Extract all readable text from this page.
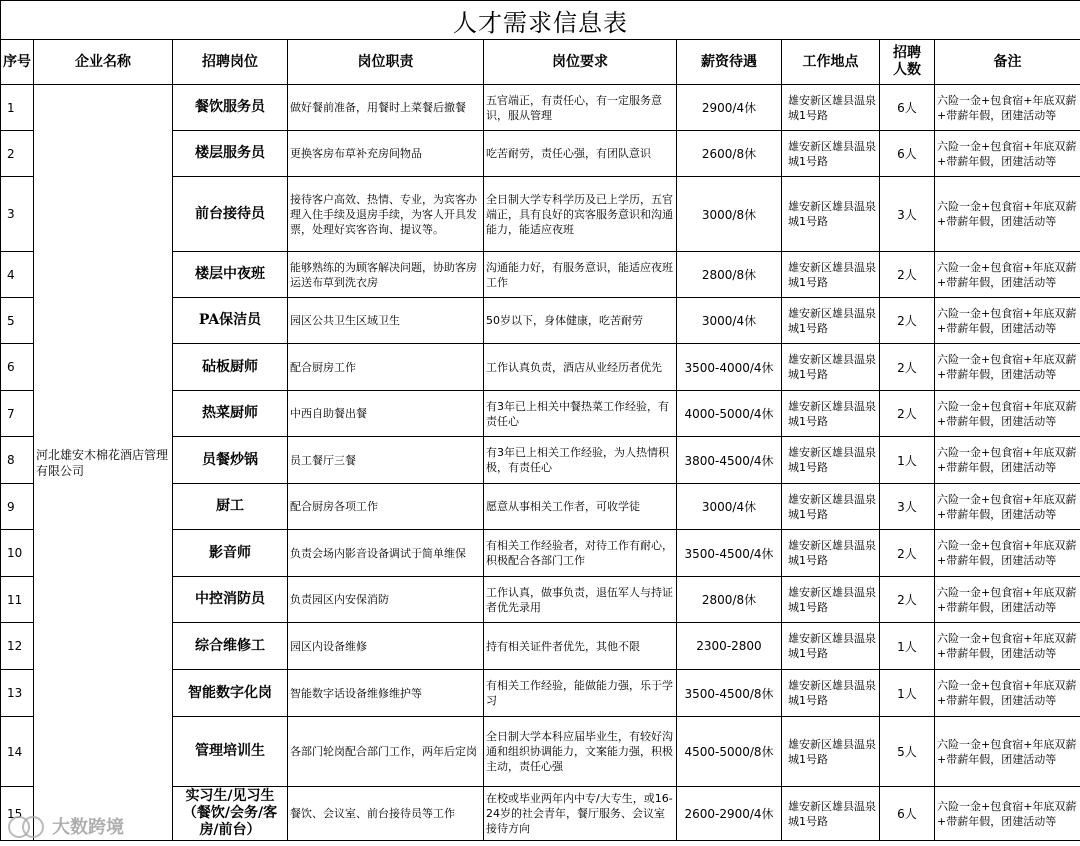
人才需求信息表								
序号	企业名称	招聘岗位	岗位职责	岗位要求	薪资待遇	工作地点	招聘人数	备注
1	河北雄安木棉花酒店管理有限公司	餐饮服务员	做好餐前准备，用餐时上菜餐后撤餐	五官端正，有责任心，有一定服务意识，服从管理	2900/4休	雄安新区雄县温泉城1号路	6人	六险一金+包食宿+年底双薪+带薪年假，团建活动等
2		楼层服务员	更换客房布草补充房间物品	吃苦耐劳，责任心强，有团队意识	2600/8休	雄安新区雄县温泉城1号路	6人	六险一金+包食宿+年底双薪+带薪年假，团建活动等
3		前台接待员	接待客户高效、热情、专业，为宾客办理入住手续及退房手续，为客人开具发票，处理好宾客咨询、提议等。	全日制大学专科学历及已上学历，五官端正，具有良好的宾客服务意识和沟通能力，能适应夜班	3000/8休	雄安新区雄县温泉城1号路	3人	六险一金+包食宿+年底双薪+带薪年假，团建活动等
4		楼层中夜班	能够熟练的为顾客解决问题，协助客房运送布草到洗衣房	沟通能力好，有服务意识，能适应夜班工作	2800/8休	雄安新区雄县温泉城1号路	2人	六险一金+包食宿+年底双薪+带薪年假，团建活动等
5		PA保洁员	园区公共卫生区域卫生	50岁以下，身体健康，吃苦耐劳	3000/4休	雄安新区雄县温泉城1号路	2人	六险一金+包食宿+年底双薪+带薪年假，团建活动等
6		砧板厨师	配合厨房工作	工作认真负责，酒店从业经历者优先	3500-4000/4休	雄安新区雄县温泉城1号路	2人	六险一金+包食宿+年底双薪+带薪年假，团建活动等
7		热菜厨师	中西自助餐出餐	有3年已上相关中餐热菜工作经验，有责任心	4000-5000/4休	雄安新区雄县温泉城1号路	2人	六险一金+包食宿+年底双薪+带薪年假，团建活动等
8		员餐炒锅	员工餐厅三餐	有3年已上相关工作经验，为人热情积极，有责任心	3800-4500/4休	雄安新区雄县温泉城1号路	1人	六险一金+包食宿+年底双薪+带薪年假，团建活动等
9		厨工	配合厨房各项工作	愿意从事相关工作者，可收学徒	3000/4休	雄安新区雄县温泉城1号路	3人	六险一金+包食宿+年底双薪+带薪年假，团建活动等
10		影音师	负责会场内影音设备调试于简单维保	有相关工作经验者，对待工作有耐心，积极配合各部门工作	3500-4500/4休	雄安新区雄县温泉城1号路	2人	六险一金+包食宿+年底双薪+带薪年假，团建活动等
11		中控消防员	负责园区内安保消防	工作认真，做事负责，退伍军人与持证者优先录用	2800/8休	雄安新区雄县温泉城1号路	2人	六险一金+包食宿+年底双薪+带薪年假，团建活动等
12		综合维修工	园区内设备维修	持有相关证件者优先，其他不限	2300-2800	雄安新区雄县温泉城1号路	1人	六险一金+包食宿+年底双薪+带薪年假，团建活动等
13		智能数字化岗	智能数字话设备维修维护等	有相关工作经验，能做能力强，乐于学习	3500-4500/8休	雄安新区雄县温泉城1号路	1人	六险一金+包食宿+年底双薪+带薪年假，团建活动等
14		管理培训生	各部门轮岗配合部门工作，两年后定岗	全日制大学本科应届毕业生，有较好沟通和组织协调能力，文案能力强，积极主动，责任心强	4500-5000/8休	雄安新区雄县温泉城1号路	5人	六险一金+包食宿+年底双薪+带薪年假，团建活动等
15		实习生/见习生（餐饮/会务/客房/前台）	餐饮、会议室、前台接待员等工作	在校或毕业两年内中专/大专生，或16-24岁的社会青年，餐厅服务、会议室接待方向	2600-2900/4休	雄安新区雄县温泉城1号路	6人	六险一金+包食宿+年底双薪+带薪年假，团建活动等
大数跨境
